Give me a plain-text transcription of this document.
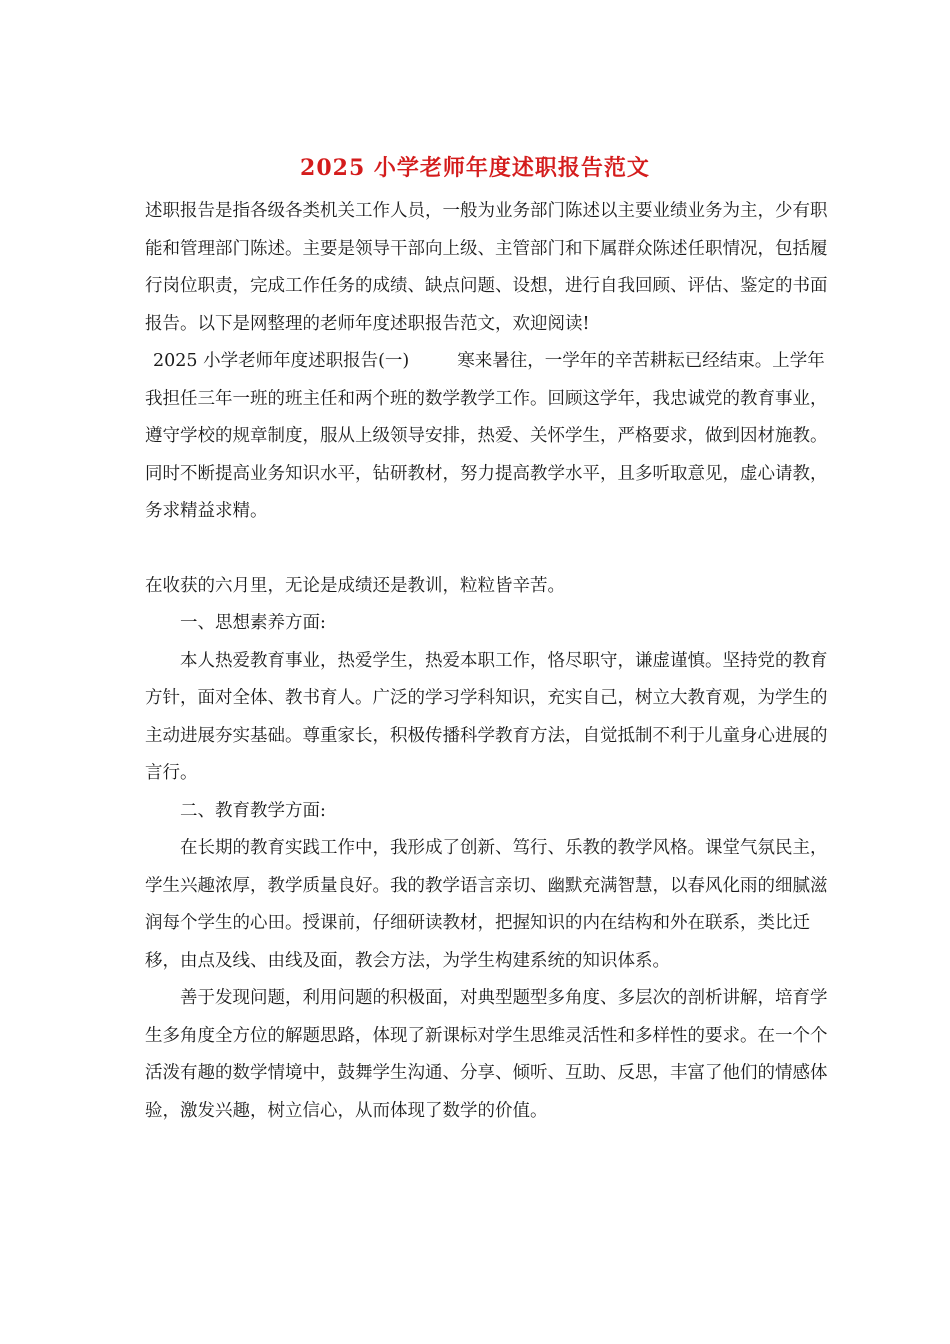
2025 小学老师年度述职报告范文

述职报告是指各级各类机关工作人员，一般为业务部门陈述以主要业绩业务为主，少有职能和管理部门陈述。主要是领导干部向上级、主管部门和下属群众陈述任职情况，包括履行岗位职责，完成工作任务的成绩、缺点问题、设想，进行自我回顾、评估、鉴定的书面报告。以下是网整理的老师年度述职报告范文，欢迎阅读!

2025 小学老师年度述职报告(一)	寒来暑往，一学年的辛苦耕耘已经结束。上学年我担任三年一班的班主任和两个班的数学教学工作。回顾这学年，我忠诚党的教育事业，遵守学校的规章制度，服从上级领导安排，热爱、关怀学生，严格要求，做到因材施教。同时不断提高业务知识水平，钻研教材，努力提高教学水平，且多听取意见，虚心请教，务求精益求精。

在收获的六月里，无论是成绩还是教训，粒粒皆辛苦。

一、思想素养方面:

本人热爱教育事业，热爱学生，热爱本职工作，恪尽职守，谦虚谨慎。坚持党的教育方针，面对全体、教书育人。广泛的学习学科知识，充实自己，树立大教育观，为学生的主动进展夯实基础。尊重家长，积极传播科学教育方法，自觉抵制不利于儿童身心进展的言行。

二、教育教学方面:

在长期的教育实践工作中，我形成了创新、笃行、乐教的教学风格。课堂气氛民主，学生兴趣浓厚，教学质量良好。我的教学语言亲切、幽默充满智慧，以春风化雨的细腻滋润每个学生的心田。授课前，仔细研读教材，把握知识的内在结构和外在联系，类比迁移，由点及线、由线及面，教会方法，为学生构建系统的知识体系。

善于发现问题，利用问题的积极面，对典型题型多角度、多层次的剖析讲解，培育学生多角度全方位的解题思路，体现了新课标对学生思维灵活性和多样性的要求。在一个个活泼有趣的数学情境中，鼓舞学生沟通、分享、倾听、互助、反思，丰富了他们的情感体验，激发兴趣，树立信心，从而体现了数学的价值。
